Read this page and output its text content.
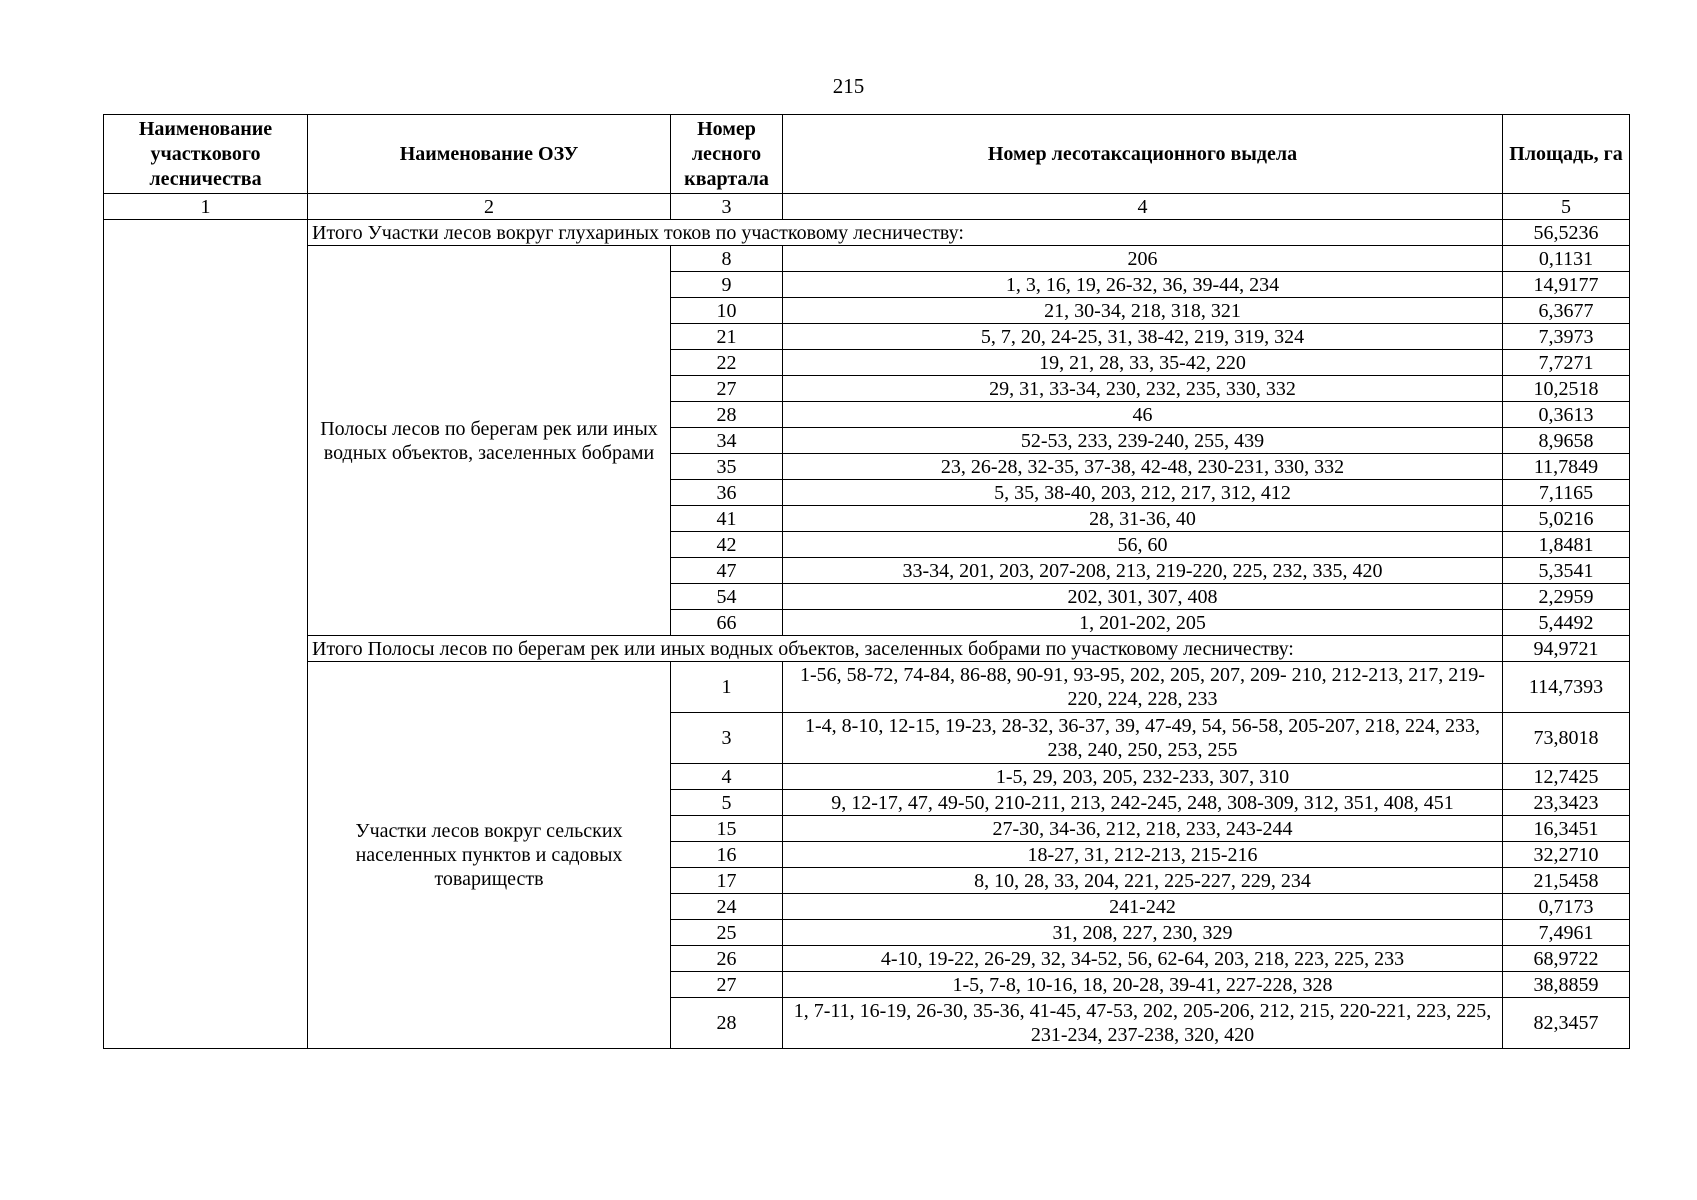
215
Наименование участкового лесничества	Наименование ОЗУ	Номер лесного квартала	Номер лесотаксационного выдела	Площадь, га
1	2	3	4	5
	Итого Участки лесов вокруг глухариных токов по участковому лесничеству:			56,5236
	Полосы лесов по берегам рек или иных водных объектов, заселенных бобрами	8	206	0,1131
		9	1, 3, 16, 19, 26-32, 36, 39-44, 234	14,9177
		10	21, 30-34, 218, 318, 321	6,3677
		21	5, 7, 20, 24-25, 31, 38-42, 219, 319, 324	7,3973
		22	19, 21, 28, 33, 35-42, 220	7,7271
		27	29, 31, 33-34, 230, 232, 235, 330, 332	10,2518
		28	46	0,3613
		34	52-53, 233, 239-240, 255, 439	8,9658
		35	23, 26-28, 32-35, 37-38, 42-48, 230-231, 330, 332	11,7849
		36	5, 35, 38-40, 203, 212, 217, 312, 412	7,1165
		41	28, 31-36, 40	5,0216
		42	56, 60	1,8481
		47	33-34, 201, 203, 207-208, 213, 219-220, 225, 232, 335, 420	5,3541
		54	202, 301, 307, 408	2,2959
		66	1, 201-202, 205	5,4492
	Итого Полосы лесов по берегам рек или иных водных объектов, заселенных бобрами по участковому лесничеству:			94,9721
	Участки лесов вокруг сельских населенных пунктов и садовых товариществ	1	1-56, 58-72, 74-84, 86-88, 90-91, 93-95, 202, 205, 207, 209- 210, 212-213, 217, 219-220, 224, 228, 233	114,7393
		3	1-4, 8-10, 12-15, 19-23, 28-32, 36-37, 39, 47-49, 54, 56-58, 205-207, 218, 224, 233, 238, 240, 250, 253, 255	73,8018
		4	1-5, 29, 203, 205, 232-233, 307, 310	12,7425
		5	9, 12-17, 47, 49-50, 210-211, 213, 242-245, 248, 308-309, 312, 351, 408, 451	23,3423
		15	27-30, 34-36, 212, 218, 233, 243-244	16,3451
		16	18-27, 31, 212-213, 215-216	32,2710
		17	8, 10, 28, 33, 204, 221, 225-227, 229, 234	21,5458
		24	241-242	0,7173
		25	31, 208, 227, 230, 329	7,4961
		26	4-10, 19-22, 26-29, 32, 34-52, 56, 62-64, 203, 218, 223, 225, 233	68,9722
		27	1-5, 7-8, 10-16, 18, 20-28, 39-41, 227-228, 328	38,8859
		28	1, 7-11, 16-19, 26-30, 35-36, 41-45, 47-53, 202, 205-206, 212, 215, 220-221, 223, 225, 231-234, 237-238, 320, 420	82,3457
